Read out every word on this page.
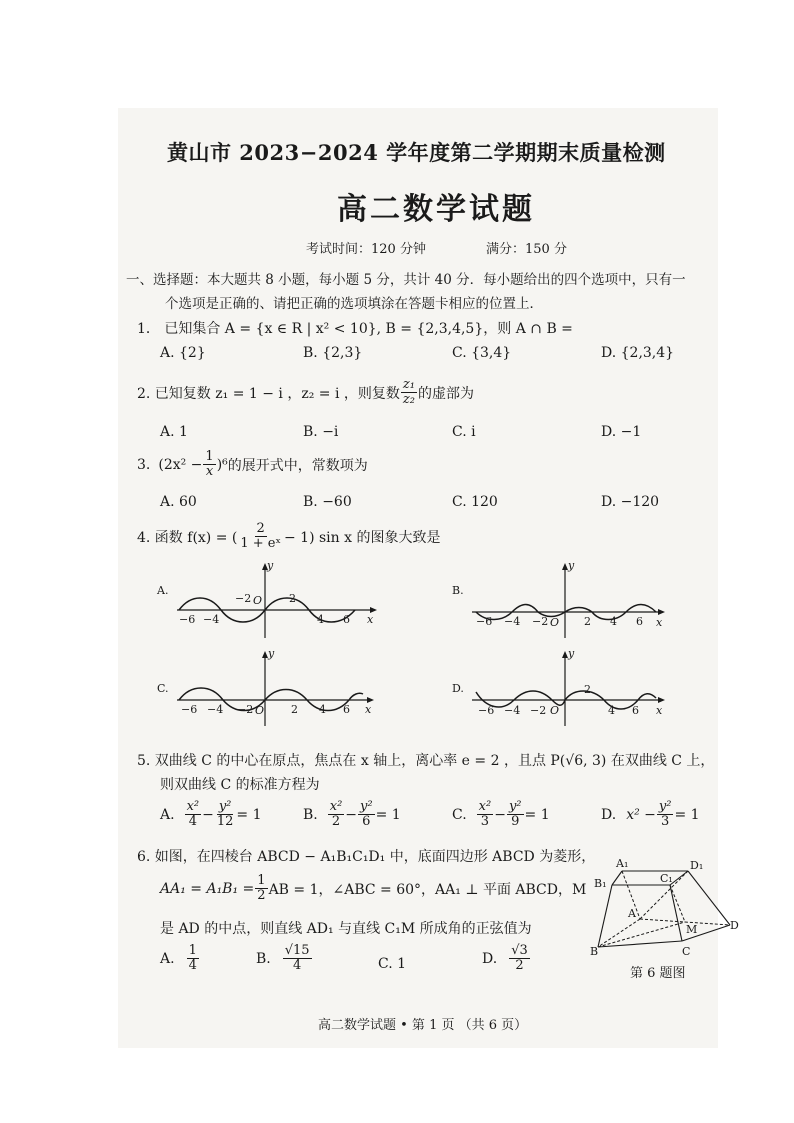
黄山市 2023−2024 学年度第二学期期末质量检测
高二数学试题
考试时间：120 分钟	满分：150 分
一、选择题：本大题共 8 小题，每小题 5 分，共计 40 分．每小题给出的四个选项中，只有一
个选项是正确的、请把正确的选项填涂在答题卡相应的位置上．
1． 已知集合 A = {x ∈ R | x² < 10}, B = {2,3,4,5}，则 A ∩ B =
A. {2}	B. {2,3}	C. {3,4}	D. {2,3,4}
2. 已知复数 z₁ = 1 − i ，z₂ = i ，则复数 $\frac{\text{z₁}}{\text{z₂}}$ 的虚部为
A. 1	B. −i	C. i	D. −1
3. $(2x^2 - \frac{1}{x} )^6$ 的展开式中，常数项为
A. 60	B. −60	C. 120	D. −120
4. 函数 f(x) = ( $\frac{2}{\text{1 + eˣ}} - 1$) sin x 的图象大致是
A.
y
x
−6 −4
−2 O 2
4 6
B.
y
x
−6 −4 −2 O 2 4 6
C.
y
x
−6 −4 −2 O 2 4 6
D.
y
x
−6 −4 −2 O
2
4 6
5. 双曲线 C 的中心在原点，焦点在 x 轴上，离心率 e = 2 ，且点 P(√6, 3) 在双曲线 C 上，
则双曲线 C 的标准方程为
A. $\frac{\text{x²}}{4} - \frac{\text{y²}}{12} = 1$	B. $\frac{\text{x²}}{2} - \frac{\text{y²}}{6} = 1$	C. $\frac{\text{x²}}{3} - \frac{\text{y²}}{9} = 1$	D. $x^2 - \frac{\text{y²}}{3} = 1$
6. 如图，在四棱台 ABCD − A₁B₁C₁D₁ 中，底面四边形 ABCD 为菱形，
$AA_1 = A_1B_1 = \frac{1}{2}$ AB = 1，∠ABC = 60°，AA₁ ⊥ 平面 ABCD，M
是 AD 的中点，则直线 AD₁ 与直线 C₁M 所成角的正弦值为
A. $\frac{1}{4}$	B. $\frac{√15}{4}$	C. 1	D. $\frac{√3}{2}$
A₁	D₁
B₁	C₁
A
M	D
B	C
第 6 题图
高二数学试题 • 第 1 页 （共 6 页）
